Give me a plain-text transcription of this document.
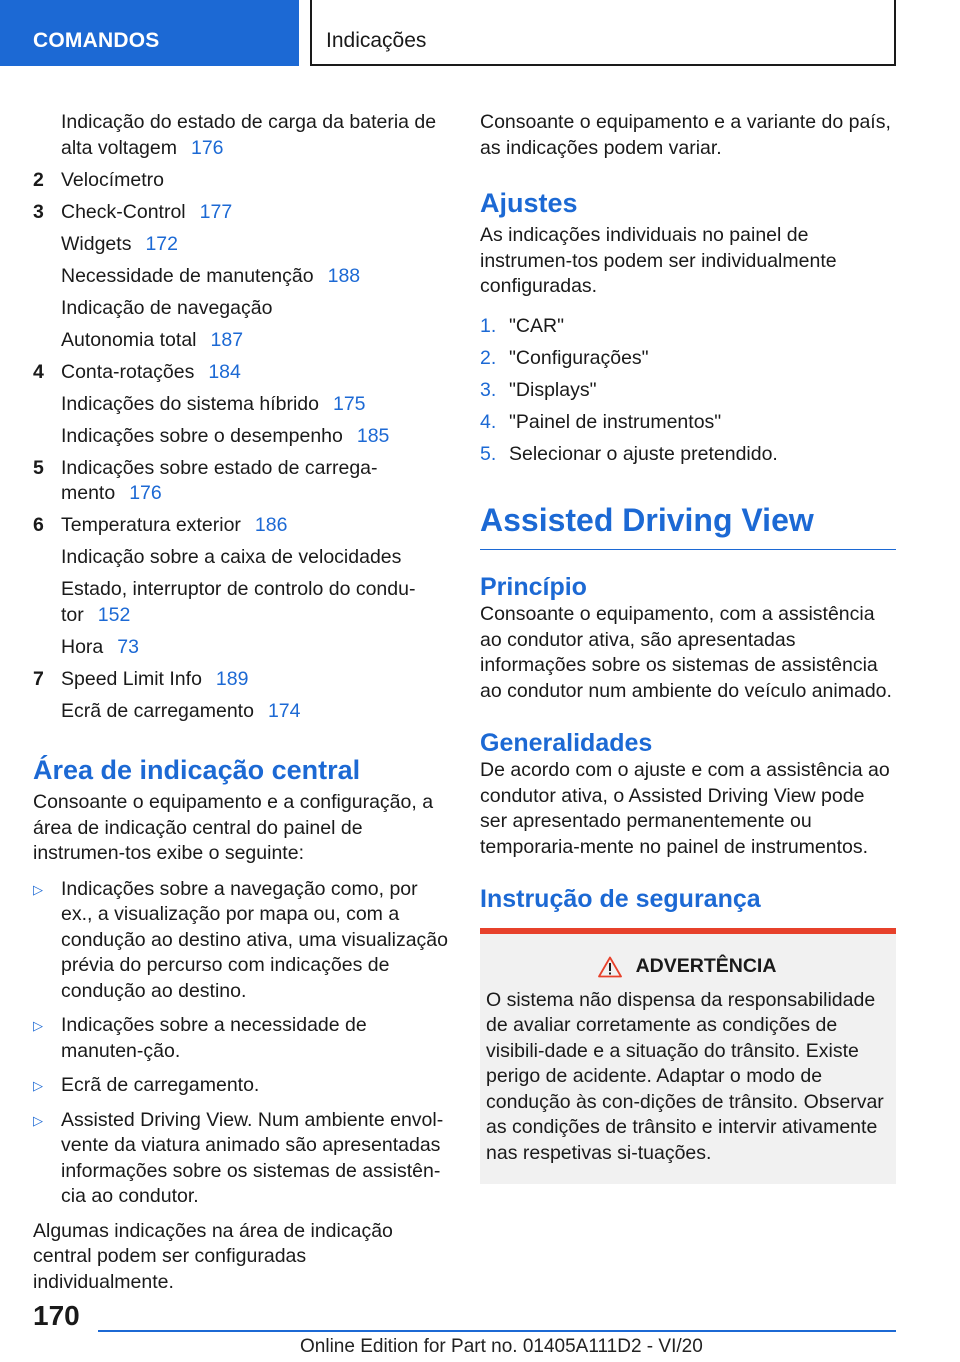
COMANDOS	Indicações
Indicação do estado de carga da bateria de alta voltagem 176
2 Velocímetro
3 Check-Control 177
Widgets 172
Necessidade de manutenção 188
Indicação de navegação
Autonomia total 187
4 Conta-rotações 184
Indicações do sistema híbrido 175
Indicações sobre o desempenho 185
5 Indicações sobre estado de carrega-mento 176
6 Temperatura exterior 186
Indicação sobre a caixa de velocidades
Estado, interruptor de controlo do condu-tor 152
Hora 73
7 Speed Limit Info 189
Ecrã de carregamento 174
Área de indicação central

Consoante o equipamento e a configuração, a área de indicação central do painel de instrumen-tos exibe o seguinte:

▷ Indicações sobre a navegação como, por ex., a visualização por mapa ou, com a condução ao destino ativa, uma visualização prévia do percurso com indicações de condução ao destino.
▷ Indicações sobre a necessidade de manuten-ção.
▷ Ecrã de carregamento.
▷ Assisted Driving View. Num ambiente envol-vente da viatura animado são apresentadas informações sobre os sistemas de assistên-cia ao condutor.

Algumas indicações na área de indicação central podem ser configuradas individualmente.

Consoante o equipamento e a variante do país, as indicações podem variar.

Ajustes

As indicações individuais no painel de instrumen-tos podem ser individualmente configuradas.

1. "CAR"
2. "Configurações"
3. "Displays"
4. "Painel de instrumentos"
5. Selecionar o ajuste pretendido.
Assisted Driving View
Princípio

Consoante o equipamento, com a assistência ao condutor ativa, são apresentadas informações sobre os sistemas de assistência ao condutor num ambiente do veículo animado.

Generalidades

De acordo com o ajuste e com a assistência ao condutor ativa, o Assisted Driving View pode ser apresentado permanentemente ou temporaria-mente no painel de instrumentos.

Instrução de segurança
ADVERTÊNCIA

O sistema não dispensa da responsabilidade de avaliar corretamente as condições de visibili-dade e a situação do trânsito. Existe perigo de acidente. Adaptar o modo de condução às con-dições de trânsito. Observar as condições de trânsito e intervir ativamente nas respetivas si-tuações.

170
Online Edition for Part no. 01405A111D2 - VI/20
